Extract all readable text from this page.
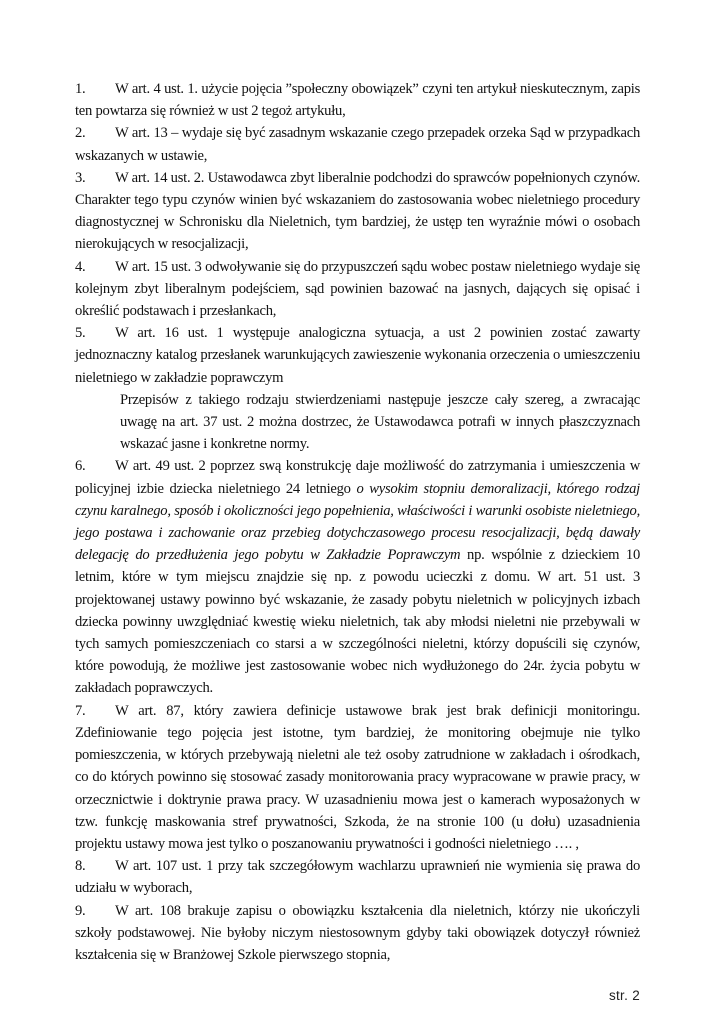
1. W art. 4 ust. 1. użycie pojęcia ”społeczny obowiązek” czyni ten artykuł nieskutecznym, zapis ten powtarza się również w ust 2 tegoż artykułu,

2. W art. 13 – wydaje się być zasadnym wskazanie czego przepadek orzeka Sąd w przypadkach wskazanych w ustawie,

3. W art. 14 ust. 2. Ustawodawca zbyt liberalnie podchodzi do sprawców popełnionych czynów. Charakter tego typu czynów winien być wskazaniem do zastosowania wobec nieletniego procedury diagnostycznej w Schronisku dla Nieletnich, tym bardziej, że ustęp ten wyraźnie mówi o osobach nierokujących w resocjalizacji,

4. W art. 15 ust. 3 odwoływanie się do przypuszczeń sądu wobec postaw nieletniego wydaje się kolejnym zbyt liberalnym podejściem, sąd powinien bazować na jasnych, dających się opisać i określić podstawach i przesłankach,

5. W art. 16 ust. 1 występuje analogiczna sytuacja, a ust 2 powinien zostać zawarty jednoznaczny katalog przesłanek warunkujących zawieszenie wykonania orzeczenia o umieszczeniu nieletniego w zakładzie poprawczym

Przepisów z takiego rodzaju stwierdzeniami następuje jeszcze cały szereg, a zwracając uwagę na art. 37 ust. 2 można dostrzec, że Ustawodawca potrafi w innych płaszczyznach wskazać jasne i konkretne normy.

6. W art. 49 ust. 2 poprzez swą konstrukcję daje możliwość do zatrzymania i umieszczenia w policyjnej izbie dziecka nieletniego 24 letniego o wysokim stopniu demoralizacji, którego rodzaj czynu karalnego, sposób i okoliczności jego popełnienia, właściwości i warunki osobiste nieletniego, jego postawa i zachowanie oraz przebieg dotychczasowego procesu resocjalizacji, będą dawały delegację do przedłużenia jego pobytu w Zakładzie Poprawczym np. wspólnie z dzieckiem 10 letnim, które w tym miejscu znajdzie się np. z powodu ucieczki z domu. W art. 51 ust. 3 projektowanej ustawy powinno być wskazanie, że zasady pobytu nieletnich w policyjnych izbach dziecka powinny uwzględniać kwestię wieku nieletnich, tak aby młodsi nieletni nie przebywali w tych samych pomieszczeniach co starsi a w szczególności nieletni, którzy dopuścili się czynów, które powodują, że możliwe jest zastosowanie wobec nich wydłużonego do 24r. życia pobytu w zakładach poprawczych.

7. W art. 87, który zawiera definicje ustawowe brak jest brak definicji monitoringu. Zdefiniowanie tego pojęcia jest istotne, tym bardziej, że monitoring obejmuje nie tylko pomieszczenia, w których przebywają nieletni ale też osoby zatrudnione w zakładach i ośrodkach, co do których powinno się stosować zasady monitorowania pracy wypracowane w prawie pracy, w orzecznictwie i doktrynie prawa pracy. W uzasadnieniu mowa jest o kamerach wyposażonych w tzw. funkcję maskowania stref prywatności, Szkoda, że na stronie 100 (u dołu) uzasadnienia projektu ustawy mowa jest tylko o poszanowaniu prywatności i godności nieletniego …. ,

8. W art. 107 ust. 1 przy tak szczegółowym wachlarzu uprawnień nie wymienia się prawa do udziału w wyborach,

9. W art. 108 brakuje zapisu o obowiązku kształcenia dla nieletnich, którzy nie ukończyli szkoły podstawowej. Nie byłoby niczym niestosownym gdyby taki obowiązek dotyczył również kształcenia się w Branżowej Szkole pierwszego stopnia,

str. 2
